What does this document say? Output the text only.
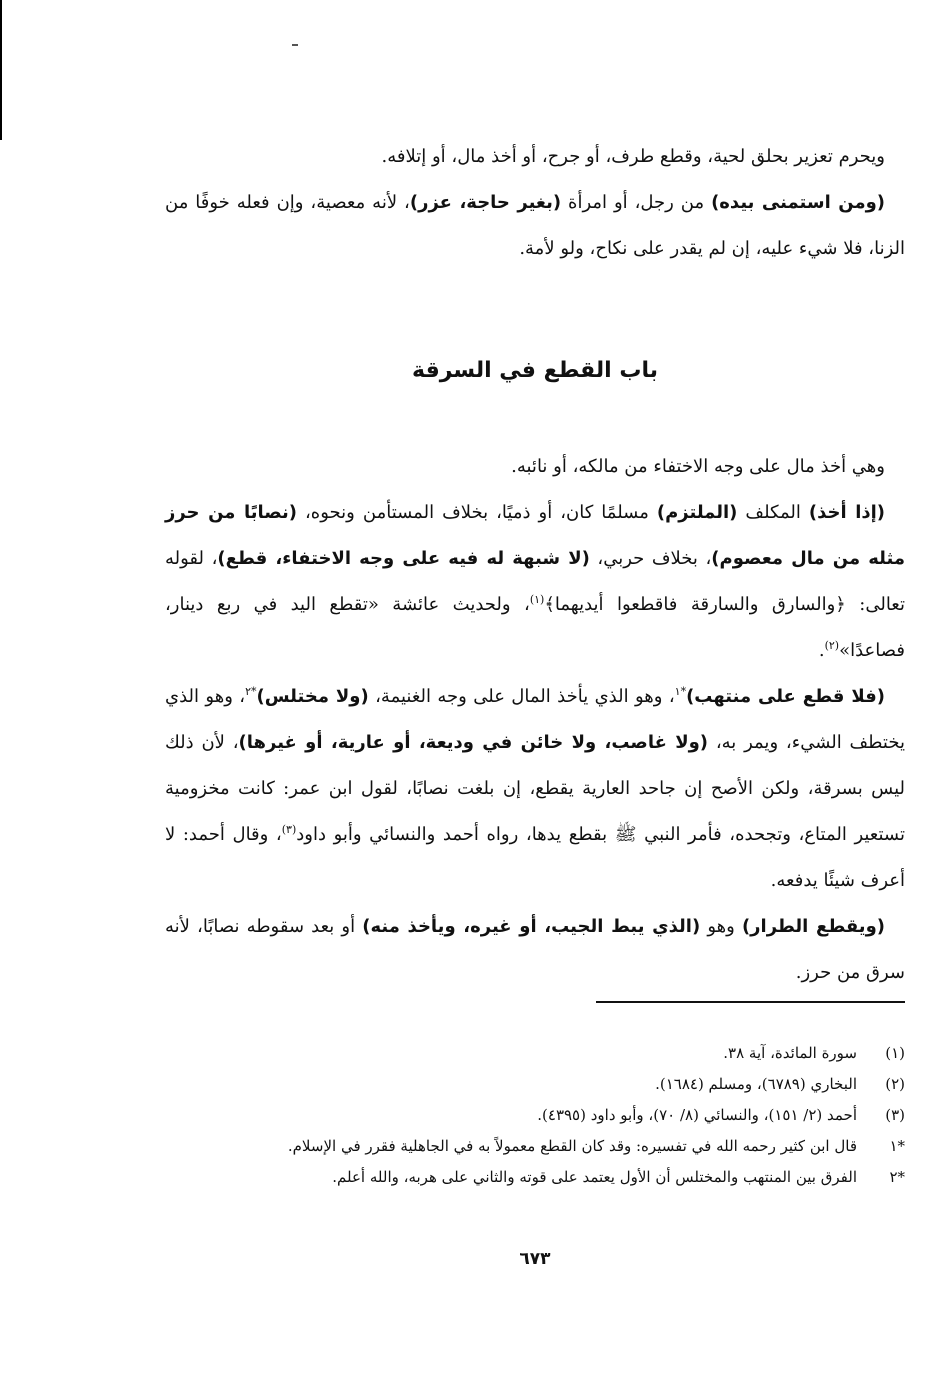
ويحرم تعزير بحلق لحية، وقطع طرف، أو جرح، أو أخذ مال، أو إتلافه.

(ومن استمنى بيده) من رجل، أو امرأة (بغير حاجة، عزر)، لأنه معصية، وإن فعله خوفًا من الزنا، فلا شيء عليه، إن لم يقدر على نكاح، ولو لأمة.

باب القطع في السرقة

وهي أخذ مال على وجه الاختفاء من مالكه، أو نائبه.

(إذا أخذ) المكلف (الملتزم) مسلمًا كان، أو ذميًا، بخلاف المستأمن ونحوه، (نصابًا من حرز مثله من مال معصوم)، بخلاف حربي، (لا شبهة له فيه على وجه الاختفاء، قطع)، لقوله تعالى: ﴿والسارق والسارقة فاقطعوا أيديهما﴾$^{(١)}$، ولحديث عائشة «تقطع اليد في ربع دينار، فصاعدًا»$^{(٢)}$.

(فلا قطع على منتهب)$^{*١}$، وهو الذي يأخذ المال على وجه الغنيمة، (ولا مختلس)$^{*٢}$، وهو الذي يختطف الشيء، ويمر به، (ولا غاصب، ولا خائن في وديعة، أو عارية، أو غيرها)، لأن ذلك ليس بسرقة، ولكن الأصح إن جاحد العارية يقطع، إن بلغت نصابًا، لقول ابن عمر: كانت مخزومية تستعير المتاع، وتجحده، فأمر النبي ﷺ بقطع يدها، رواه أحمد والنسائي وأبو داود$^{(٣)}$، وقال أحمد: لا أعرف شيئًا يدفعه.

(ويقطع الطرار) وهو (الذي يبط الجيب، أو غيره، ويأخذ منه) أو بعد سقوطه نصابًا، لأنه سرق من حرز.

(١)
سورة المائدة، آية ٣٨.
(٢)
البخاري (٦٧٨٩)، ومسلم (١٦٨٤).
(٣)
أحمد (٢/ ١٥١)، والنسائي (٨/ ٧٠)، وأبو داود (٤٣٩٥).
*١
قال ابن كثير رحمه الله في تفسيره: وقد كان القطع معمولاً به في الجاهلية فقرر في الإسلام.
*٢
الفرق بين المنتهب والمختلس أن الأول يعتمد على قوته والثاني على هربه، والله أعلم.
٦٧٣
